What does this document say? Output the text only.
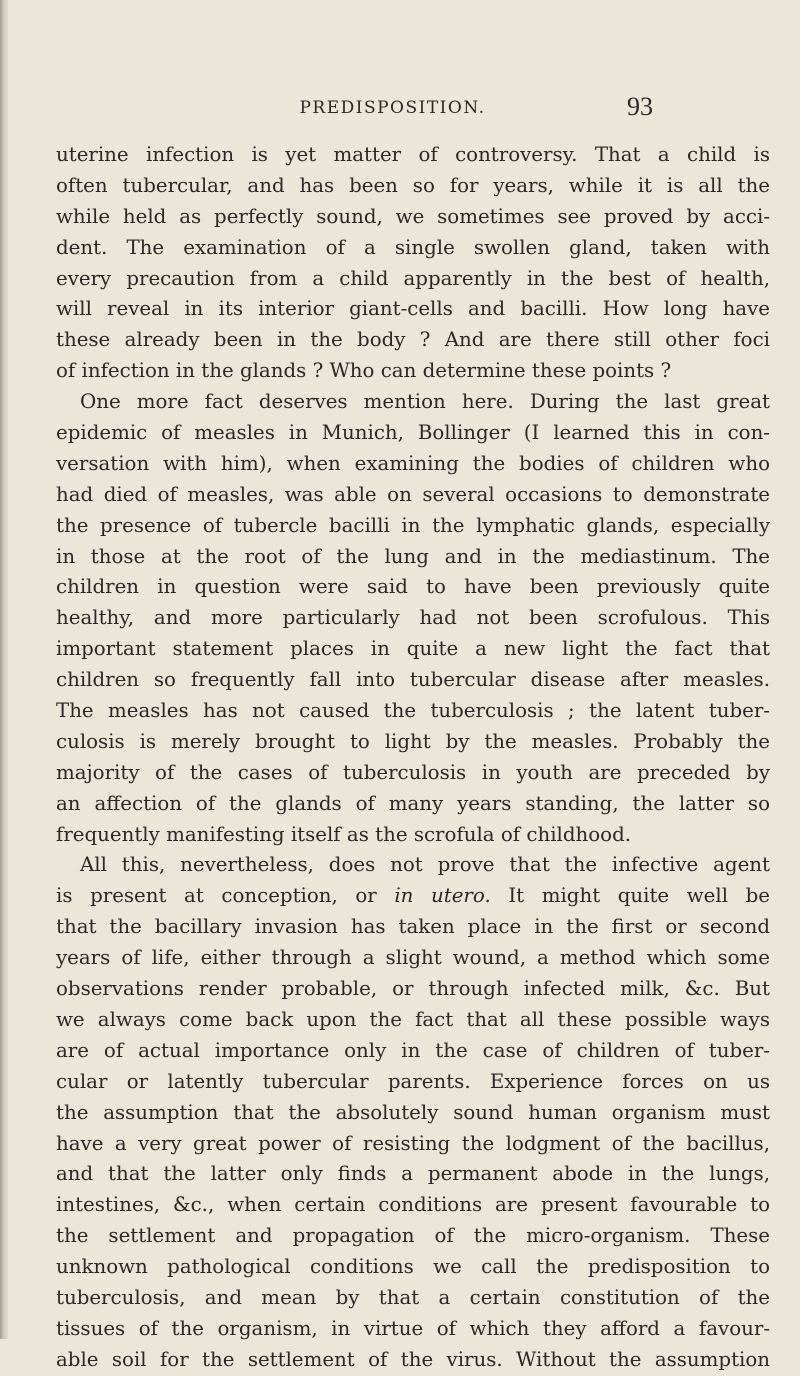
PREDISPOSITION.	93
uterine infection is yet matter of controversy. That a child is
often tubercular, and has been so for years, while it is all the
while held as perfectly sound, we sometimes see proved by acci-
dent. The examination of a single swollen gland, taken with
every precaution from a child apparently in the best of health,
will reveal in its interior giant-cells and bacilli. How long have
these already been in the body ? And are there still other foci
of infection in the glands ? Who can determine these points ?
One more fact deserves mention here. During the last great
epidemic of measles in Munich, Bollinger (I learned this in con-
versation with him), when examining the bodies of children who
had died of measles, was able on several occasions to demonstrate
the presence of tubercle bacilli in the lymphatic glands, especially
in those at the root of the lung and in the mediastinum. The
children in question were said to have been previously quite
healthy, and more particularly had not been scrofulous. This
important statement places in quite a new light the fact that
children so frequently fall into tubercular disease after measles.
The measles has not caused the tuberculosis ; the latent tuber-
culosis is merely brought to light by the measles. Probably the
majority of the cases of tuberculosis in youth are preceded by
an affection of the glands of many years standing, the latter so
frequently manifesting itself as the scrofula of childhood.
All this, nevertheless, does not prove that the infective agent
is present at conception, or in utero. It might quite well be
that the bacillary invasion has taken place in the first or second
years of life, either through a slight wound, a method which some
observations render probable, or through infected milk, &c. But
we always come back upon the fact that all these possible ways
are of actual importance only in the case of children of tuber-
cular or latently tubercular parents. Experience forces on us
the assumption that the absolutely sound human organism must
have a very great power of resisting the lodgment of the bacillus,
and that the latter only finds a permanent abode in the lungs,
intestines, &c., when certain conditions are present favourable to
the settlement and propagation of the micro-organism. These
unknown pathological conditions we call the predisposition to
tuberculosis, and mean by that a certain constitution of the
tissues of the organism, in virtue of which they afford a favour-
able soil for the settlement of the virus. Without the assumption
